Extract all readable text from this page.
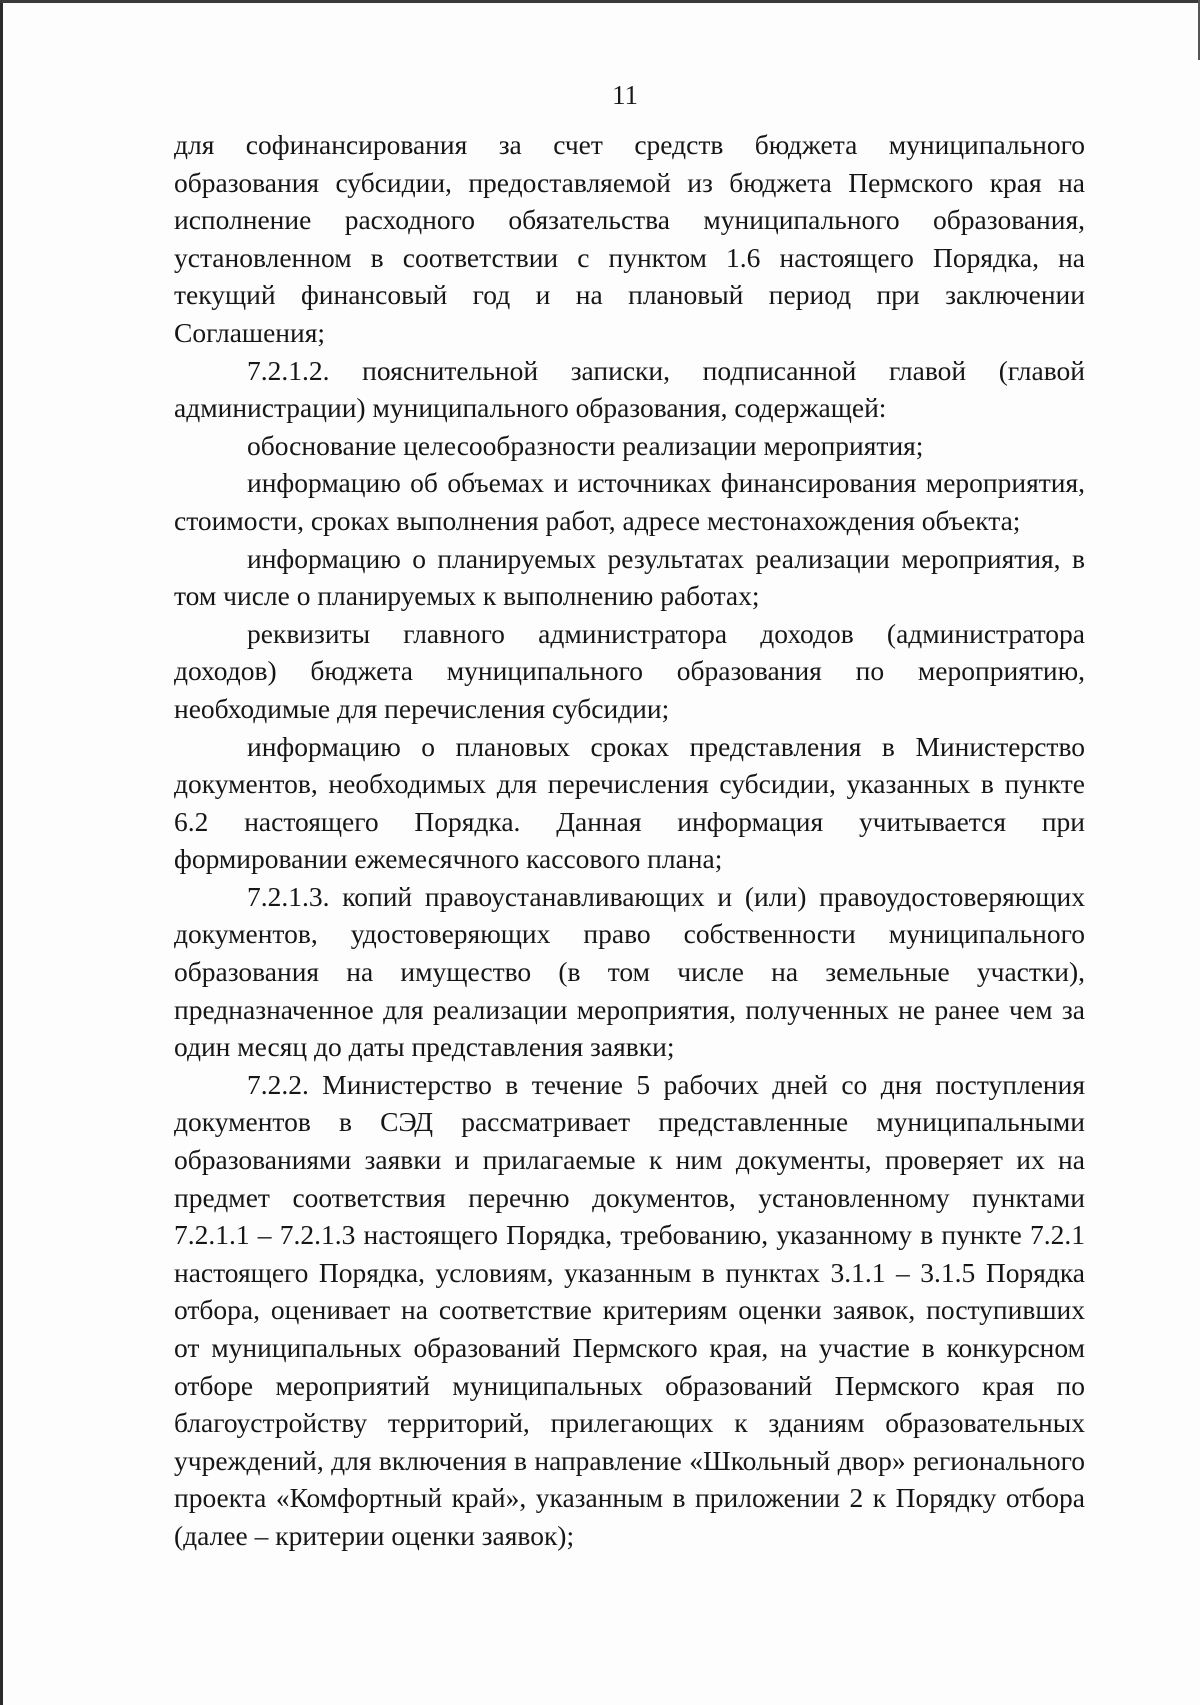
11

для софинансирования за счет средств бюджета муниципального образования субсидии, предоставляемой из бюджета Пермского края на исполнение расходного обязательства муниципального образования, установленном в соответствии с пунктом 1.6 настоящего Порядка, на текущий финансовый год и на плановый период при заключении Соглашения;

7.2.1.2. пояснительной записки, подписанной главой (главой администрации) муниципального образования, содержащей:

обоснование целесообразности реализации мероприятия;

информацию об объемах и источниках финансирования мероприятия, стоимости, сроках выполнения работ, адресе местонахождения объекта;

информацию о планируемых результатах реализации мероприятия, в том числе о планируемых к выполнению работах;

реквизиты главного администратора доходов (администратора доходов) бюджета муниципального образования по мероприятию, необходимые для перечисления субсидии;

информацию о плановых сроках представления в Министерство документов, необходимых для перечисления субсидии, указанных в пункте 6.2 настоящего Порядка. Данная информация учитывается при формировании ежемесячного кассового плана;

7.2.1.3. копий правоустанавливающих и (или) правоудостоверяющих документов, удостоверяющих право собственности муниципального образования на имущество (в том числе на земельные участки), предназначенное для реализации мероприятия, полученных не ранее чем за один месяц до даты представления заявки;

7.2.2. Министерство в течение 5 рабочих дней со дня поступления документов в СЭД рассматривает представленные муниципальными образованиями заявки и прилагаемые к ним документы, проверяет их на предмет соответствия перечню документов, установленному пунктами 7.2.1.1 – 7.2.1.3 настоящего Порядка, требованию, указанному в пункте 7.2.1 настоящего Порядка, условиям, указанным в пунктах 3.1.1 – 3.1.5 Порядка отбора, оценивает на соответствие критериям оценки заявок, поступивших от муниципальных образований Пермского края, на участие в конкурсном отборе мероприятий муниципальных образований Пермского края по благоустройству территорий, прилегающих к зданиям образовательных учреждений, для включения в направление «Школьный двор» регионального проекта «Комфортный край», указанным в приложении 2 к Порядку отбора (далее – критерии оценки заявок);
